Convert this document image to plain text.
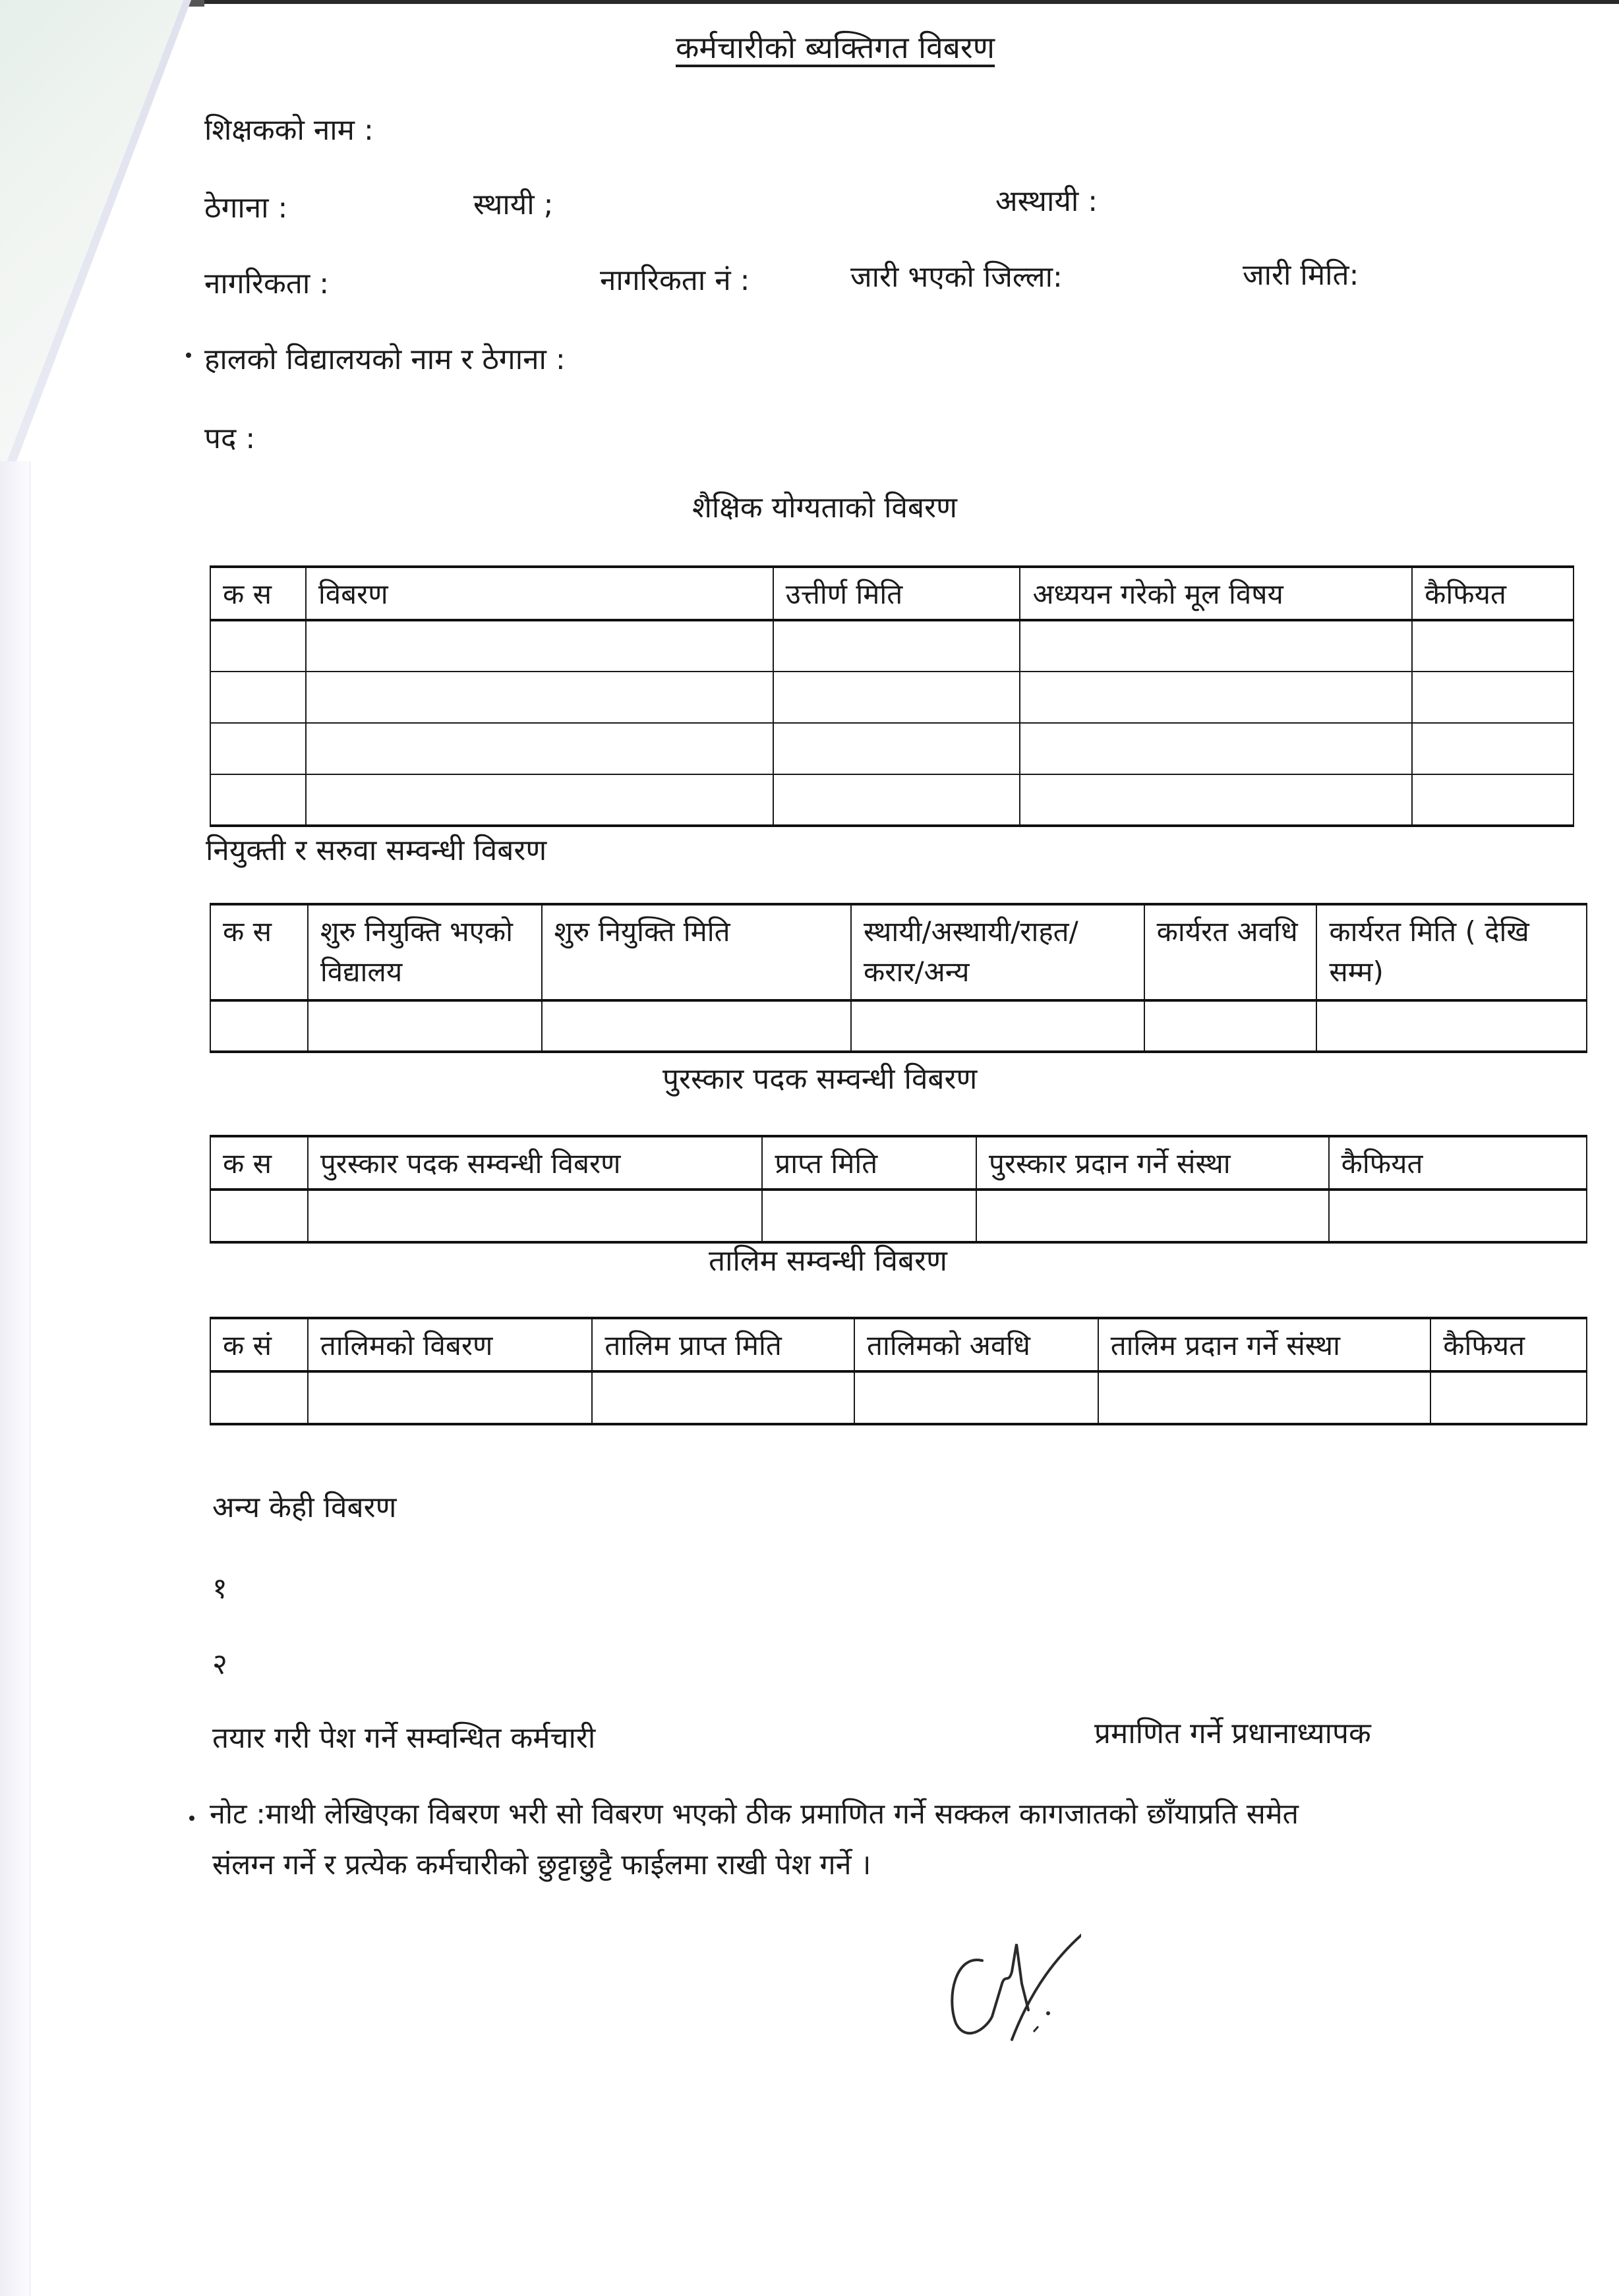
कर्मचारीको ब्यक्तिगत विबरण
शिक्षकको नाम :
ठेगाना :	स्थायी ;	अस्थायी :
नागरिकता :	नागरिकता नं :	जारी भएको जिल्ला:	जारी मिति:
हालको विद्यालयको नाम र ठेगाना :
पद :
शैक्षिक योग्यताको विबरण
क स	विबरण	उत्तीर्ण मिति	अध्ययन गरेको मूल विषय	कैफियत

नियुक्ती र सरुवा सम्वन्धी विबरण
क स	शुरु नियुक्ति भएको विद्यालय	शुरु नियुक्ति मिति	स्थायी/अस्थायी/राहत/ करार/अन्य	कार्यरत अवधि	कार्यरत मिति ( देखि सम्म)

पुरस्कार पदक सम्वन्धी विबरण
क स	पुरस्कार पदक सम्वन्धी विबरण	प्राप्त मिति	पुरस्कार प्रदान गर्ने संस्था	कैफियत

तालिम सम्वन्धी विबरण
क सं	तालिमको विबरण	तालिम प्राप्त मिति	तालिमको अवधि	तालिम प्रदान गर्ने संस्था	कैफियत

अन्य केही विबरण
१
२
तयार गरी पेश गर्ने सम्वन्धित कर्मचारी	प्रमाणित गर्ने प्रधानाध्यापक
नोट :माथी लेखिएका विबरण भरी सो विबरण भएको ठीक प्रमाणित गर्ने सक्कल कागजातको छाँयाप्रति समेत
संलग्न गर्ने र प्रत्येक कर्मचारीको छुट्टाछुट्टै फाईलमा राखी पेश गर्ने ।
